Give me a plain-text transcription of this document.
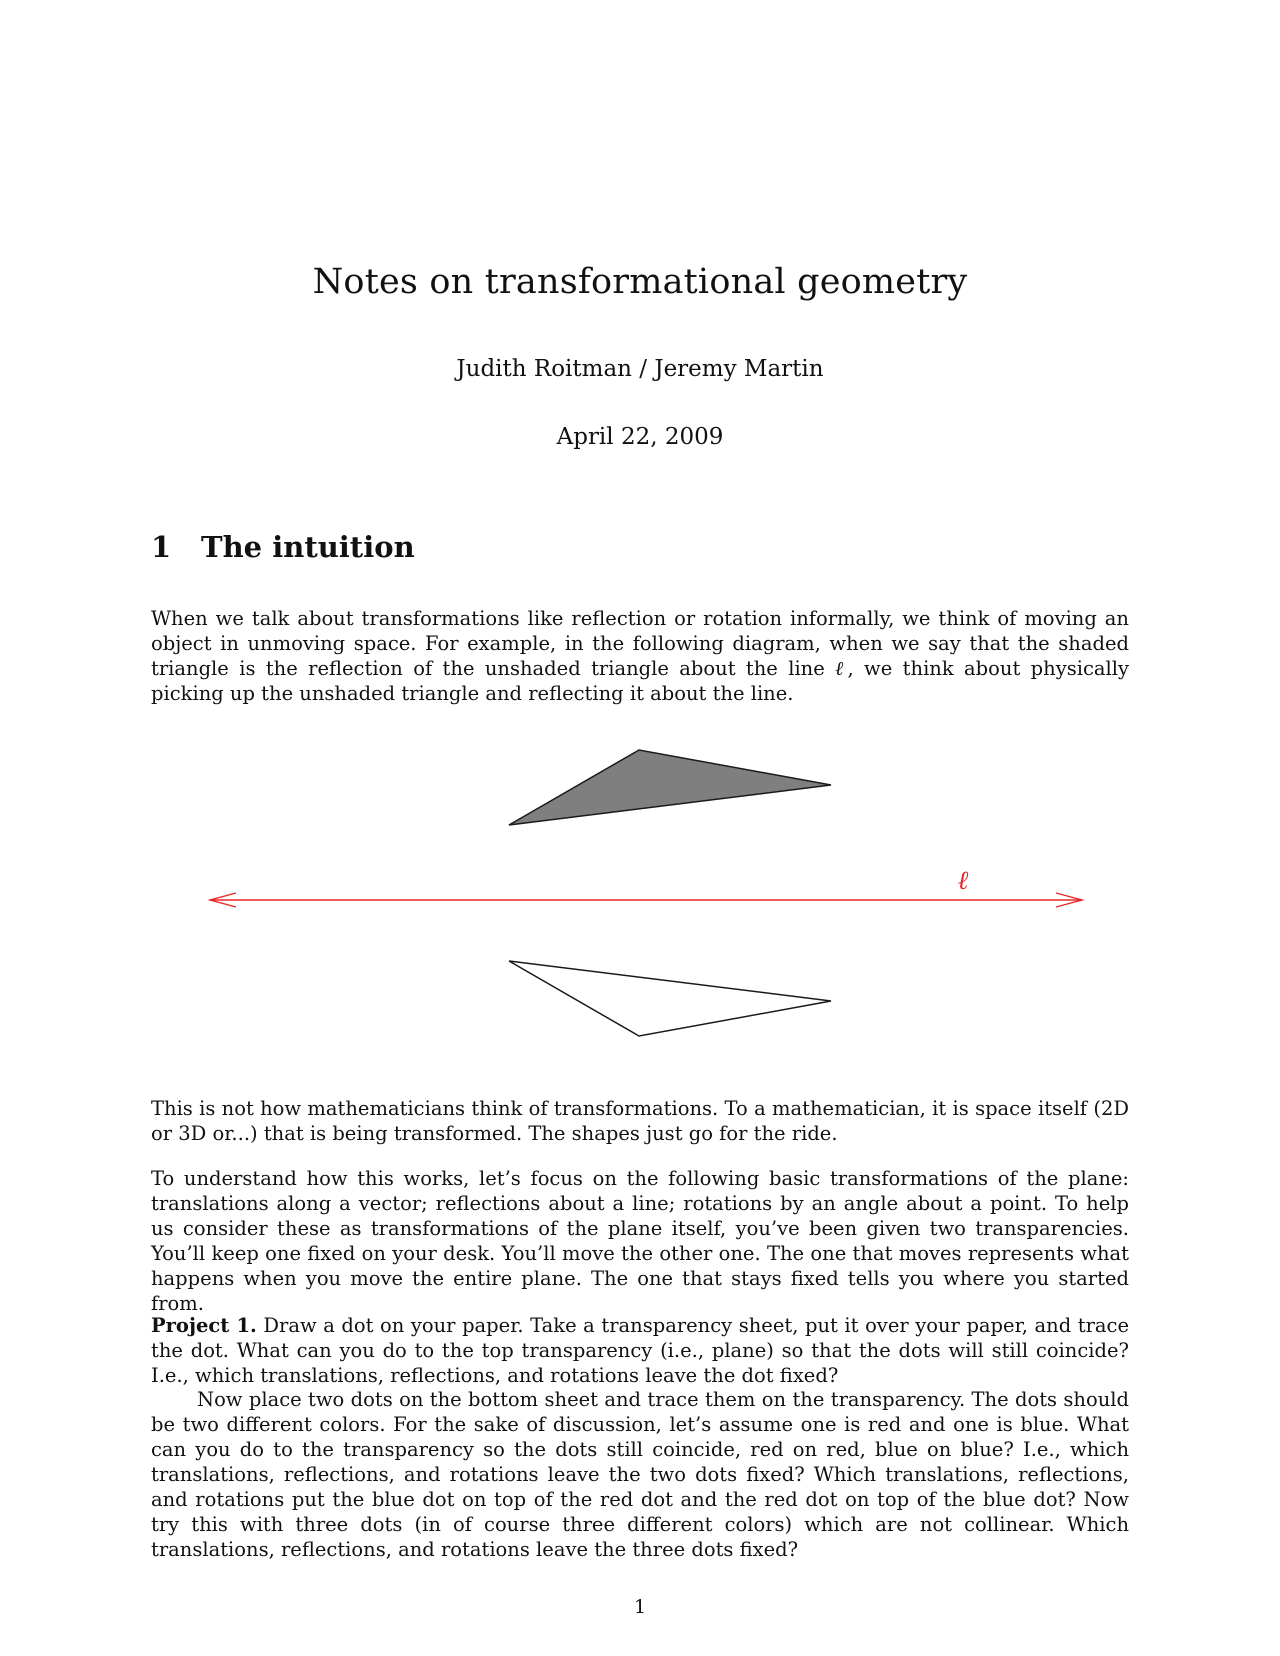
Notes on transformational geometry
Judith Roitman / Jeremy Martin
April 22, 2009
1 The intuition
When we talk about transformations like reflection or rotation informally, we think of moving an object in unmoving space. For example, in the following diagram, when we say that the shaded triangle is the reflection of the unshaded triangle about the line ℓ, we think about physically picking up the unshaded triangle and reflecting it about the line.
ℓ
This is not how mathematicians think of transformations. To a mathematician, it is space itself (2D or 3D or...) that is being transformed. The shapes just go for the ride.
To understand how this works, let’s focus on the following basic transformations of the plane: translations along a vector; reflections about a line; rotations by an angle about a point. To help us consider these as transformations of the plane itself, you’ve been given two transparencies. You’ll keep one fixed on your desk. You’ll move the other one. The one that moves represents what happens when you move the entire plane. The one that stays fixed tells you where you started from.
Project 1. Draw a dot on your paper. Take a transparency sheet, put it over your paper, and trace the dot. What can you do to the top transparency (i.e., plane) so that the dots will still coincide? I.e., which translations, reflections, and rotations leave the dot fixed?
Now place two dots on the bottom sheet and trace them on the transparency. The dots should be two different colors. For the sake of discussion, let’s assume one is red and one is blue. What can you do to the transparency so the dots still coincide, red on red, blue on blue? I.e., which translations, reflections, and rotations leave the two dots fixed? Which translations, reflections, and rotations put the blue dot on top of the red dot and the red dot on top of the blue dot? Now try this with three dots (in of course three different colors) which are not collinear. Which translations, reflections, and rotations leave the three dots fixed?
1
